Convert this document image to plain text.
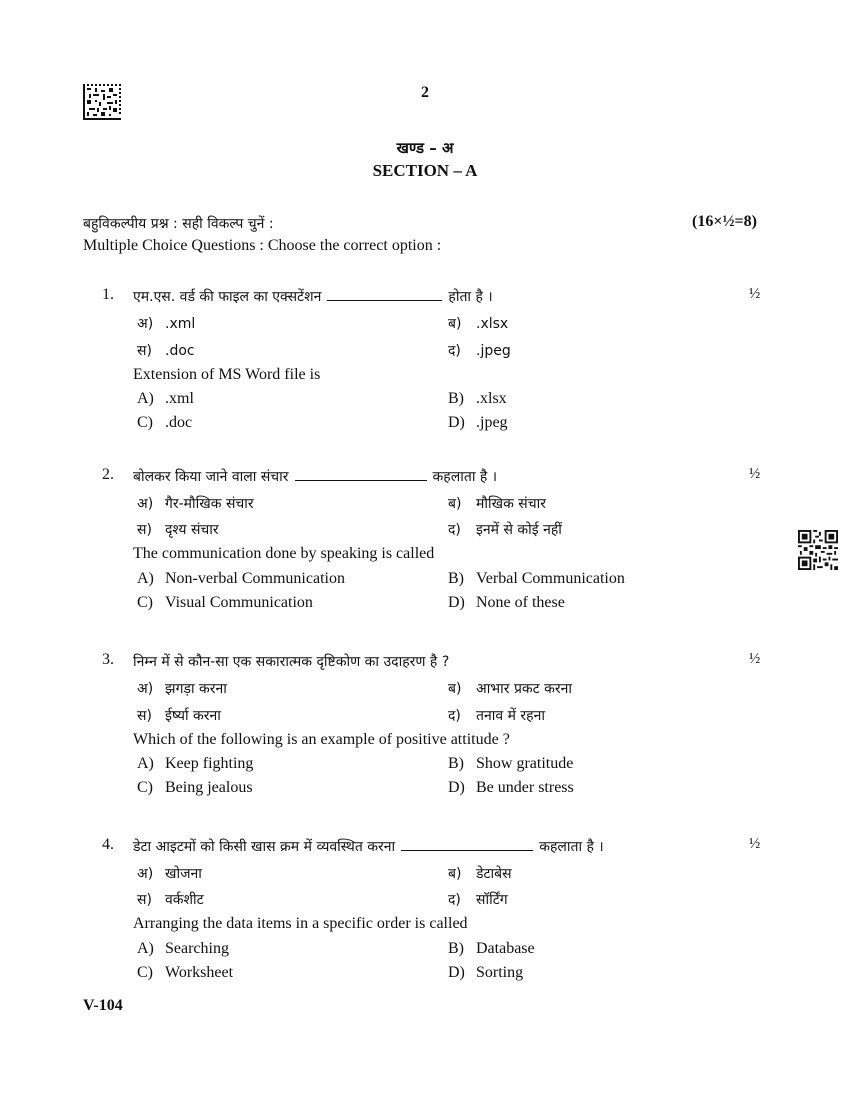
2
खण्ड – अ
SECTION – A
बहुविकल्पीय प्रश्न : सही विकल्प चुनें :	(16×½=8)
Multiple Choice Questions : Choose the correct option :
1. एम.एस. वर्ड की फाइल का एक्सटेंशन	होता है ।	½
अ) .xml	ब) .xlsx
स) .doc	द) .jpeg
Extension of MS Word file is
A) .xml	B) .xlsx
C) .doc	D) .jpeg
2. बोलकर किया जाने वाला संचार	कहलाता है ।	½
अ) गैर-मौखिक संचार	ब) मौखिक संचार
स) दृश्य संचार	द) इनमें से कोई नहीं
The communication done by speaking is called
A) Non-verbal Communication	B) Verbal Communication
C) Visual Communication	D) None of these
3. निम्न में से कौन-सा एक सकारात्मक दृष्टिकोण का उदाहरण है ?	½
अ) झगड़ा करना	ब) आभार प्रकट करना
स) ईर्ष्या करना	द) तनाव में रहना
Which of the following is an example of positive attitude ?
A) Keep fighting	B) Show gratitude
C) Being jealous	D) Be under stress
4. डेटा आइटमों को किसी खास क्रम में व्यवस्थित करना	कहलाता है ।	½
अ) खोजना	ब) डेटाबेस
स) वर्कशीट	द) सॉर्टिंग
Arranging the data items in a specific order is called
A) Searching	B) Database
C) Worksheet	D) Sorting
V-104
